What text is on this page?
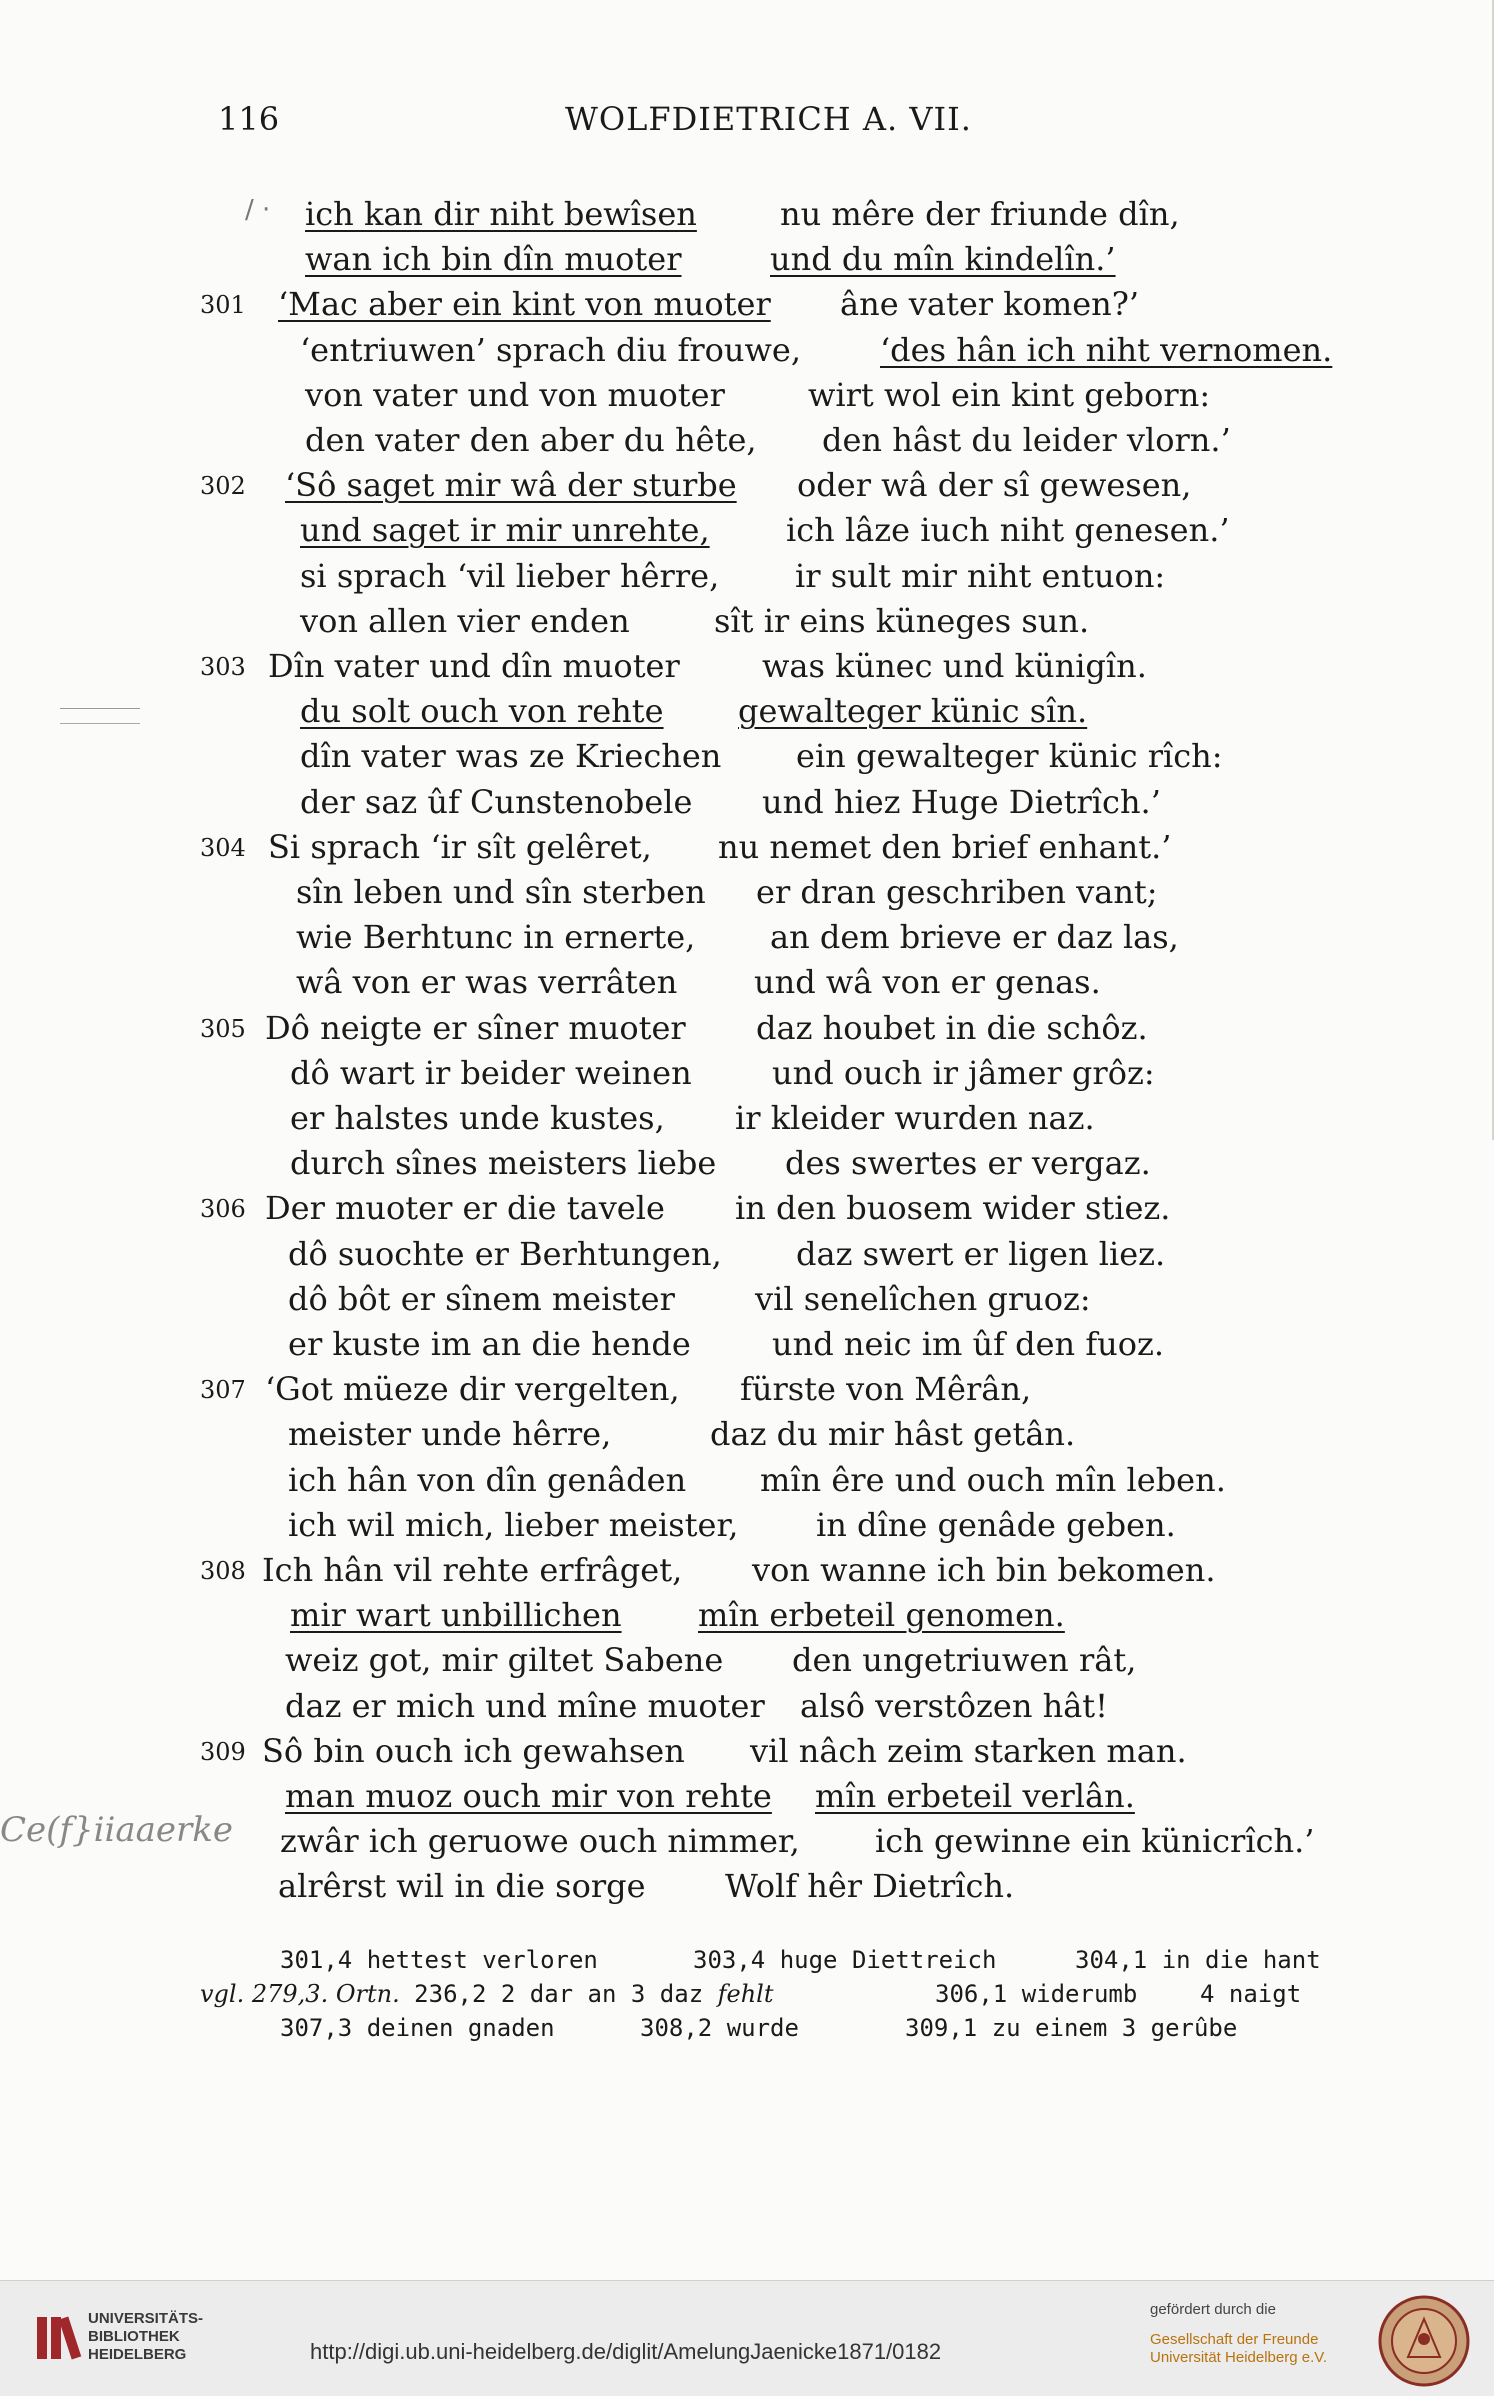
116	WOLFDIETRICH A. VII.
/ ·
Ce(f}iiaaerke
ich kan dir niht bewîsen	nu mêre der friunde dîn,
wan ich bin dîn muoter	und du mîn kindelîn.’
301 ‘Mac aber ein kint von muoter âne vater komen?’
‘entriuwen’ sprach diu frouwe, ‘des hân ich niht vernomen.
von vater und von muoter	wirt wol ein kint geborn:
den vater den aber du hête, den hâst du leider vlorn.’
302 ‘Sô saget mir wâ der sturbe oder wâ der sî gewesen,
und saget ir mir unrehte, ich lâze iuch niht genesen.’
si sprach ‘vil lieber hêrre, ir sult mir niht entuon:
von allen vier enden	sît ir eins küneges sun.
303 Dîn vater und dîn muoter	was künec und künigîn.
du solt ouch von rehte gewalteger künic sîn.
dîn vater was ze Kriechen ein gewalteger künic rîch:
der saz ûf Cunstenobele und hiez Huge Dietrîch.’
304 Si sprach ‘ir sît gelêret, nu nemet den brief enhant.’
sîn leben und sîn sterben er dran geschriben vant;
wie Berhtunc in ernerte, an dem brieve er daz las,
wâ von er was verrâten und wâ von er genas.
305 Dô neigte er sîner muoter daz houbet in die schôz.
dô wart ir beider weinen	und ouch ir jâmer grôz:
er halstes unde kustes, ir kleider wurden naz.
durch sînes meisters liebe des swertes er vergaz.
306 Der muoter er die tavele in den buosem wider stiez.
dô suochte er Berhtungen, daz swert er ligen liez.
dô bôt er sînem meister	vil senelîchen gruoz:
er kuste im an die hende	und neic im ûf den fuoz.
307 ‘Got müeze dir vergelten, fürste von Mêrân,
meister unde hêrre,	daz du mir hâst getân.
ich hân von dîn genâden mîn êre und ouch mîn leben.
ich wil mich, lieber meister, in dîne genâde geben.
308 Ich hân vil rehte erfrâget, von wanne ich bin bekomen.
mir wart unbillichen mîn erbeteil genomen.
weiz got, mir giltet Sabene den ungetriuwen rât,
daz er mich und mîne muoter alsô verstôzen hât!
309 Sô bin ouch ich gewahsen vil nâch zeim starken man.
man muoz ouch mir von rehte mîn erbeteil verlân.
zwâr ich geruowe ouch nimmer, ich gewinne ein künicrîch.’
alrêrst wil in die sorge Wolf hêr Dietrîch.
301,4 hettest verloren	303,4 huge Diettreich	304,1 in die hant
vgl. 279,3. Ortn. 236,2 2 dar an 3 daz fehlt	306,1 widerumb	4 naigt
307,3 deinen gnaden	308,2 wurde	309,1 zu einem 3 gerûbe
UNIVERSITÄTS-
BIBLIOTHEK
HEIDELBERG	http://digi.ub.uni-heidelberg.de/diglit/AmelungJaenicke1871/0182
gefördert durch die
Gesellschaft der Freunde
Universität Heidelberg e.V.
